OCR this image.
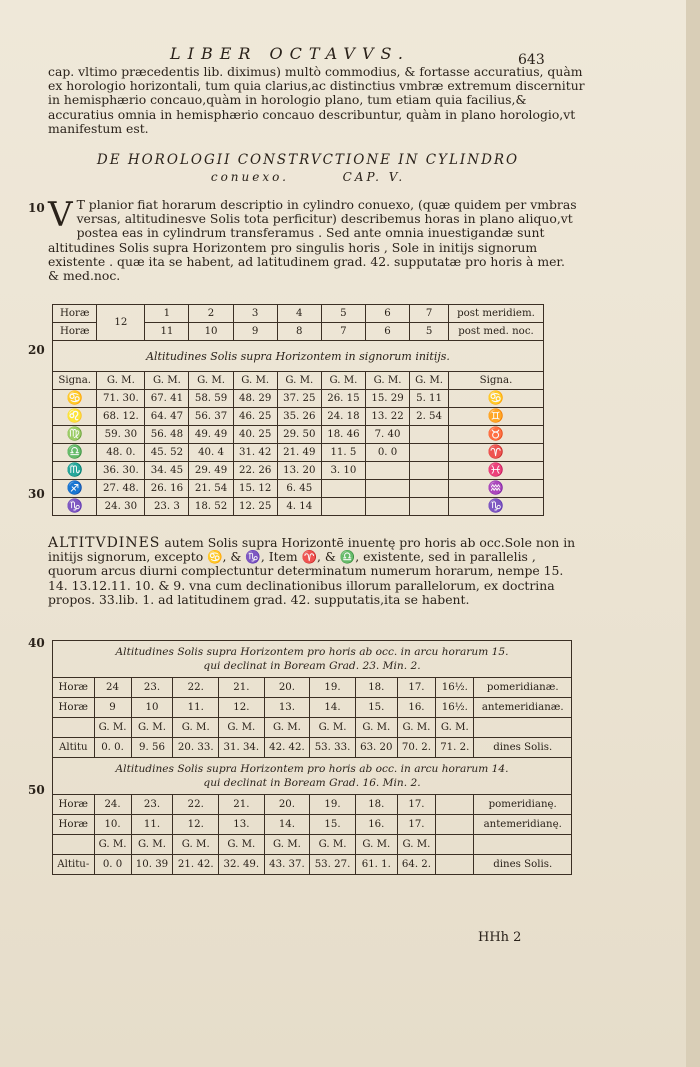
LIBER OCTAVVS.	643
cap. vltimo præcedentis lib. diximus) multò commodius, & fortasse accuratius, quàm ex horologio horizontali, tum quia clarius,ac distinctius vmbræ extremum discernitur in hemisphærio concauo,quàm in horologio plano, tum etiam quia facilius,& accuratius omnia in hemisphærio concauo describuntur, quàm in plano horologio,vt manifestum est.
DE HOROLOGII CONSTRVCTIONE IN CYLINDRO
conuexo.	CAP. V.
10
20
30
40
50
V T planior fiat horarum descriptio in cylindro conuexo, (quæ quidem per vmbras versas, altitudinesve Solis tota perficitur) describemus horas in plano aliquo,vt postea eas in cylindrum transferamus . Sed ante omnia inuestigandæ sunt altitudines Solis supra Horizontem pro singulis horis , Sole in initijs signorum existente . quæ ita se habent, ad latitudinem grad. 42. supputatæ pro horis à mer. & med.noc.
Horæ	12	1	2	3	4	5	6	7	post meridiem.
Horæ		11	10	9	8	7	6	5	post med. noc.
Altitudines Solis supra Horizontem in signorum initijs.									
Signa.	G. M.	G. M.	G. M.	G. M.	G. M.	G. M.	G. M.	G. M.	Signa.
♋	71. 30.	67. 41	58. 59	48. 29	37. 25	26. 15	15. 29	5. 11	♋
♌	68. 12.	64. 47	56. 37	46. 25	35. 26	24. 18	13. 22	2. 54	♊
♍	59. 30	56. 48	49. 49	40. 25	29. 50	18. 46	7. 40		♉
♎	48. 0.	45. 52	40. 4	31. 42	21. 49	11. 5	0. 0		♈
♏	36. 30.	34. 45	29. 49	22. 26	13. 20	3. 10			♓
♐	27. 48.	26. 16	21. 54	15. 12	6. 45				♒
♑	24. 30	23. 3	18. 52	12. 25	4. 14				♑
ALTITVDINES autem Solis supra Horizontē inuentę pro horis ab occ.Sole non in initijs signorum, excepto ♋, & ♑, Item ♈, & ♎, existente, sed in parallelis , quorum arcus diurni complectuntur determinatum numerum horarum, nempe 15. 14. 13.12.11. 10. & 9. vna cum declinationibus illorum parallelorum, ex doctrina propos. 33.lib. 1. ad latitudinem grad. 42. supputatis,ita se habent.
Altitudines Solis supra Horizontem pro horis ab occ. in arcu horarum 15.
qui declinat in Boream Grad. 23. Min. 2.										
Horæ	24	23.	22.	21.	20.	19.	18.	17.	16½.	pomeridianæ.
Horæ	9	10	11.	12.	13.	14.	15.	16.	16½.	antemeridianæ.
	G. M.	G. M.	G. M.	G. M.	G. M.	G. M.	G. M.	G. M.	G. M.	
Altitu	0. 0.	9. 56	20. 33.	31. 34.	42. 42.	53. 33.	63. 20	70. 2.	71. 2.	dines Solis.
Altitudines Solis supra Horizontem pro horis ab occ. in arcu horarum 14.
qui declinat in Boream Grad. 16. Min. 2.										
Horæ	24.	23.	22.	21.	20.	19.	18.	17.		pomeridianę.
Horæ	10.	11.	12.	13.	14.	15.	16.	17.		antemeridianę.
	G. M.	G. M.	G. M.	G. M.	G. M.	G. M.	G. M.	G. M.		
Altitu-	0. 0	10. 39	21. 42.	32. 49.	43. 37.	53. 27.	61. 1.	64. 2.		dines Solis.
HHh 2
